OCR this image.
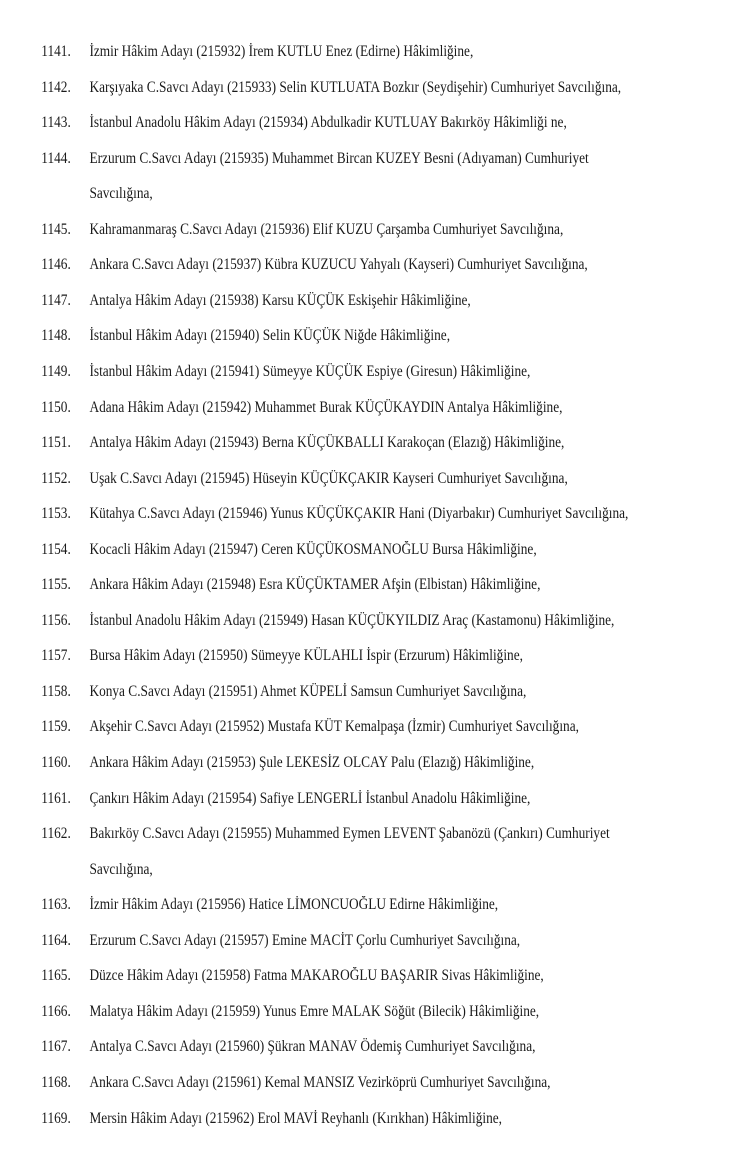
1141. İzmir Hâkim Adayı (215932) İrem KUTLU Enez (Edirne) Hâkimliğine,
1142. Karşıyaka C.Savcı Adayı (215933) Selin KUTLUATA Bozkır (Seydişehir) Cumhuriyet Savcılığına,
1143. İstanbul Anadolu Hâkim Adayı (215934) Abdulkadir KUTLUAY Bakırköy Hâkimliği ne,
1144. Erzurum C.Savcı Adayı (215935) Muhammet Bircan KUZEY Besni (Adıyaman) Cumhuriyet
Savcılığına,
1145. Kahramanmaraş C.Savcı Adayı (215936) Elif KUZU Çarşamba Cumhuriyet Savcılığına,
1146. Ankara C.Savcı Adayı (215937) Kübra KUZUCU Yahyalı (Kayseri) Cumhuriyet Savcılığına,
1147. Antalya Hâkim Adayı (215938) Karsu KÜÇÜK Eskişehir Hâkimliğine,
1148. İstanbul Hâkim Adayı (215940) Selin KÜÇÜK Niğde Hâkimliğine,
1149. İstanbul Hâkim Adayı (215941) Sümeyye KÜÇÜK Espiye (Giresun) Hâkimliğine,
1150. Adana Hâkim Adayı (215942) Muhammet Burak KÜÇÜKAYDIN Antalya Hâkimliğine,
1151. Antalya Hâkim Adayı (215943) Berna KÜÇÜKBALLI Karakoçan (Elazığ) Hâkimliğine,
1152. Uşak C.Savcı Adayı (215945) Hüseyin KÜÇÜKÇAKIR Kayseri Cumhuriyet Savcılığına,
1153. Kütahya C.Savcı Adayı (215946) Yunus KÜÇÜKÇAKIR Hani (Diyarbakır) Cumhuriyet Savcılığına,
1154. Kocacli Hâkim Adayı (215947) Ceren KÜÇÜKOSMANOĞLU Bursa Hâkimliğine,
1155. Ankara Hâkim Adayı (215948) Esra KÜÇÜKTAMER Afşin (Elbistan) Hâkimliğine,
1156. İstanbul Anadolu Hâkim Adayı (215949) Hasan KÜÇÜKYILDIZ Araç (Kastamonu) Hâkimliğine,
1157. Bursa Hâkim Adayı (215950) Sümeyye KÜLAHLI İspir (Erzurum) Hâkimliğine,
1158. Konya C.Savcı Adayı (215951) Ahmet KÜPELİ Samsun Cumhuriyet Savcılığına,
1159. Akşehir C.Savcı Adayı (215952) Mustafa KÜT Kemalpaşa (İzmir) Cumhuriyet Savcılığına,
1160. Ankara Hâkim Adayı (215953) Şule LEKESİZ OLCAY Palu (Elazığ) Hâkimliğine,
1161. Çankırı Hâkim Adayı (215954) Safiye LENGERLİ İstanbul Anadolu Hâkimliğine,
1162. Bakırköy C.Savcı Adayı (215955) Muhammed Eymen LEVENT Şabanözü (Çankırı) Cumhuriyet
Savcılığına,
1163. İzmir Hâkim Adayı (215956) Hatice LİMONCUOĞLU Edirne Hâkimliğine,
1164. Erzurum C.Savcı Adayı (215957) Emine MACİT Çorlu Cumhuriyet Savcılığına,
1165. Düzce Hâkim Adayı (215958) Fatma MAKAROĞLU BAŞARIR Sivas Hâkimliğine,
1166. Malatya Hâkim Adayı (215959) Yunus Emre MALAK Söğüt (Bilecik) Hâkimliğine,
1167. Antalya C.Savcı Adayı (215960) Şükran MANAV Ödemiş Cumhuriyet Savcılığına,
1168. Ankara C.Savcı Adayı (215961) Kemal MANSIZ Vezirköprü Cumhuriyet Savcılığına,
1169. Mersin Hâkim Adayı (215962) Erol MAVİ Reyhanlı (Kırıkhan) Hâkimliğine,
